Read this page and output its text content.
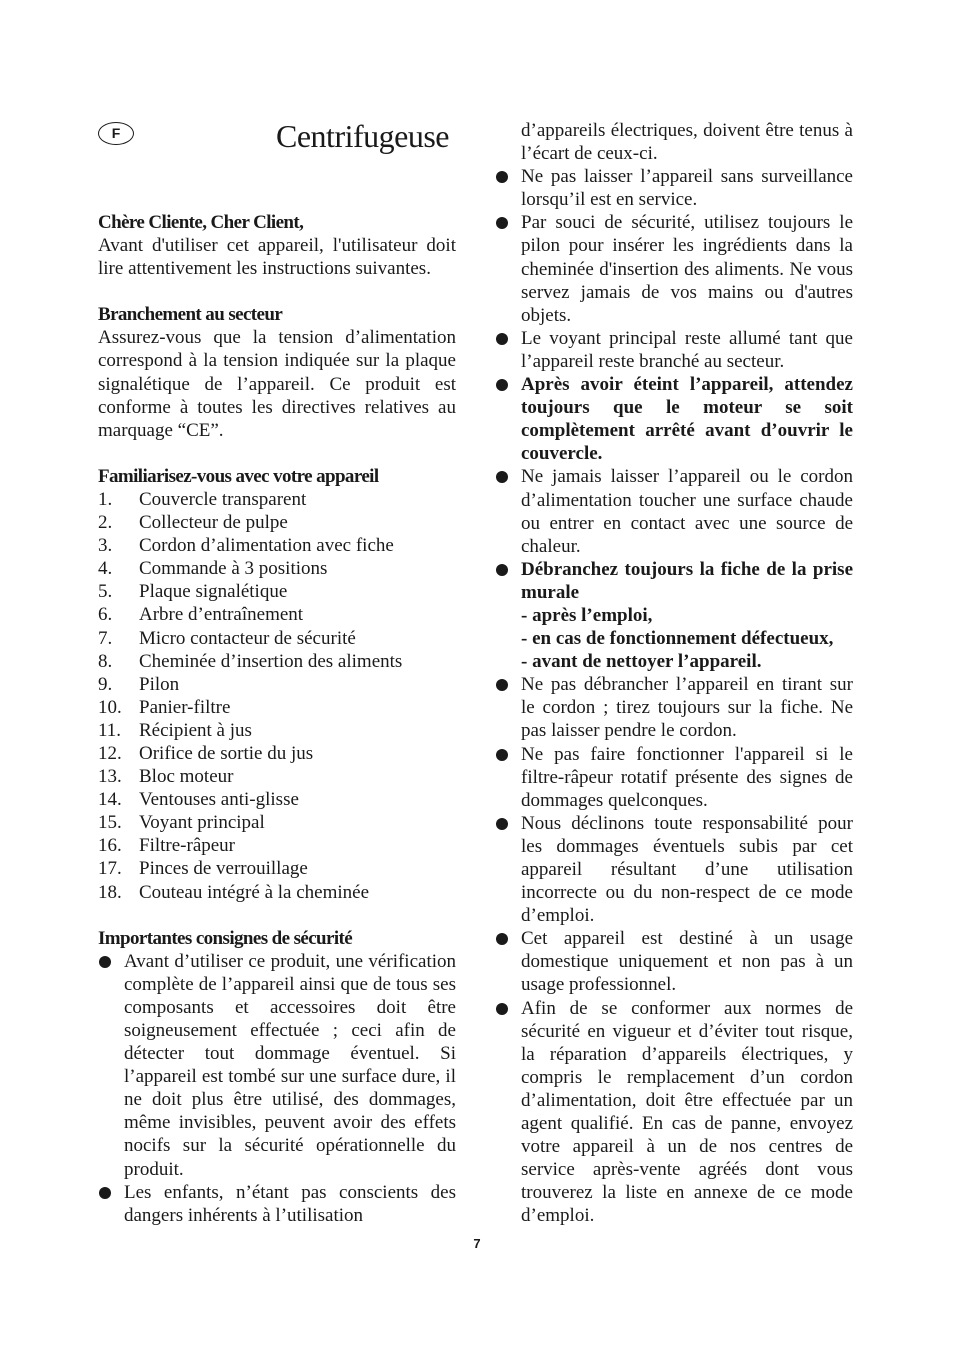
F	Centrifugeuse
Chère Cliente, Cher Client,
Avant d'utiliser cet appareil, l'utilisateur doit lire attentivement les instructions suivantes.
Branchement au secteur
Assurez-vous que la tension d’alimentation correspond à la tension indiquée sur la plaque signalétique de l’appareil. Ce produit est conforme à toutes les directives relatives au marquage “CE”.
Familiarisez-vous avec votre appareil
1.	Couvercle transparent
2.	Collecteur de pulpe
3.	Cordon d’alimentation avec fiche
4.	Commande à 3 positions
5.	Plaque signalétique
6.	Arbre d’entraînement
7.	Micro contacteur de sécurité
8.	Cheminée d’insertion des aliments
9.	Pilon
10. Panier-filtre
11. Récipient à jus
12. Orifice de sortie du jus
13. Bloc moteur
14. Ventouses anti-glisse
15. Voyant principal
16. Filtre-râpeur
17. Pinces de verrouillage
18. Couteau intégré à la cheminée
Importantes consignes de sécurité
Avant d’utiliser ce produit, une vérification complète de l’appareil ainsi que de tous ses composants et accessoires doit être soigneusement effectuée ; ceci afin de détecter tout dommage éventuel. Si l’appareil est tombé sur une surface dure, il ne doit plus être utilisé, des dommages, même invisibles, peuvent avoir des effets nocifs sur la sécurité opérationnelle du produit.
Les enfants, n’étant pas conscients des dangers inhérents à l’utilisation
d’appareils électriques, doivent être tenus à l’écart de ceux-ci.
Ne pas laisser l’appareil sans surveillance lorsqu’il est en service.
Par souci de sécurité, utilisez toujours le pilon pour insérer les ingrédients dans la cheminée d'insertion des aliments. Ne vous servez jamais de vos mains ou d'autres objets.
Le voyant principal reste allumé tant que l’appareil reste branché au secteur.
Après avoir éteint l’appareil, attendez toujours que le moteur se soit complètement arrêté avant d’ouvrir le couvercle.
Ne jamais laisser l’appareil ou le cordon d’alimentation toucher une surface chaude ou entrer en contact avec une source de chaleur.
Débranchez toujours la fiche de la prise murale
- après l’emploi,
- en cas de fonctionnement défectueux,
- avant de nettoyer l’appareil.
Ne pas débrancher l’appareil en tirant sur le cordon ; tirez toujours sur la fiche. Ne pas laisser pendre le cordon.
Ne pas faire fonctionner l'appareil si le filtre-râpeur rotatif présente des signes de dommages quelconques.
Nous déclinons toute responsabilité pour les dommages éventuels subis par cet appareil résultant d’une utilisation incorrecte ou du non-respect de ce mode d’emploi.
Cet appareil est destiné à un usage domestique uniquement et non pas à un usage professionnel.
Afin de se conformer aux normes de sécurité en vigueur et d’éviter tout risque, la réparation d’appareils électriques, y compris le remplacement d’un cordon d’alimentation, doit être effectuée par un agent qualifié. En cas de panne, envoyez votre appareil à un de nos centres de service après-vente agréés dont vous trouverez la liste en annexe de ce mode d’emploi.
7
